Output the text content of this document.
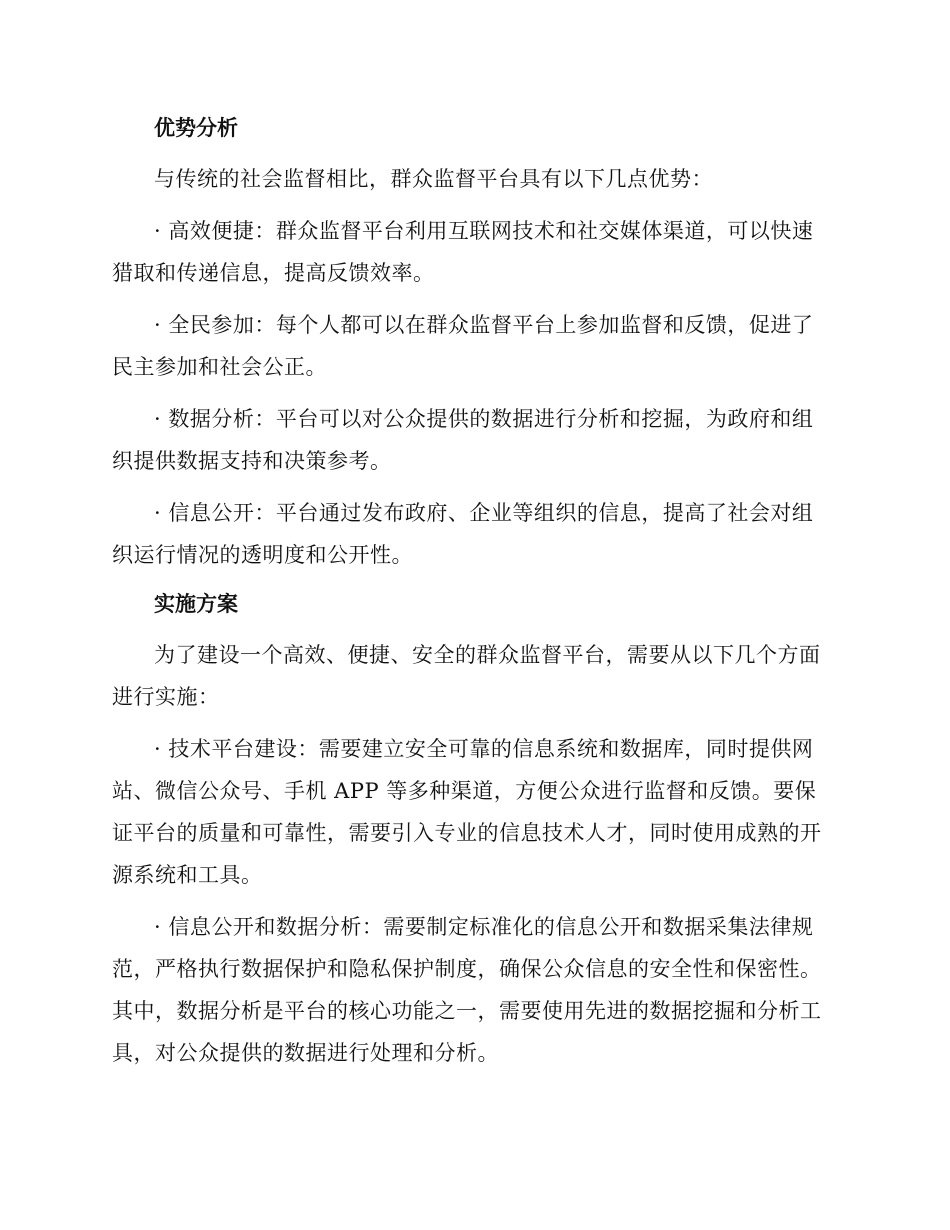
优势分析

与传统的社会监督相比，群众监督平台具有以下几点优势：

· 高效便捷：群众监督平台利用互联网技术和社交媒体渠道，可以快速猎取和传递信息，提高反馈效率。

· 全民参加：每个人都可以在群众监督平台上参加监督和反馈，促进了民主参加和社会公正。

· 数据分析：平台可以对公众提供的数据进行分析和挖掘，为政府和组织提供数据支持和决策参考。

· 信息公开：平台通过发布政府、企业等组织的信息，提高了社会对组织运行情况的透明度和公开性。

实施方案

为了建设一个高效、便捷、安全的群众监督平台，需要从以下几个方面进行实施：

· 技术平台建设：需要建立安全可靠的信息系统和数据库，同时提供网站、微信公众号、手机 APP 等多种渠道，方便公众进行监督和反馈。要保证平台的质量和可靠性，需要引入专业的信息技术人才，同时使用成熟的开源系统和工具。

· 信息公开和数据分析：需要制定标准化的信息公开和数据采集法律规范，严格执行数据保护和隐私保护制度，确保公众信息的安全性和保密性。其中，数据分析是平台的核心功能之一，需要使用先进的数据挖掘和分析工具，对公众提供的数据进行处理和分析。
